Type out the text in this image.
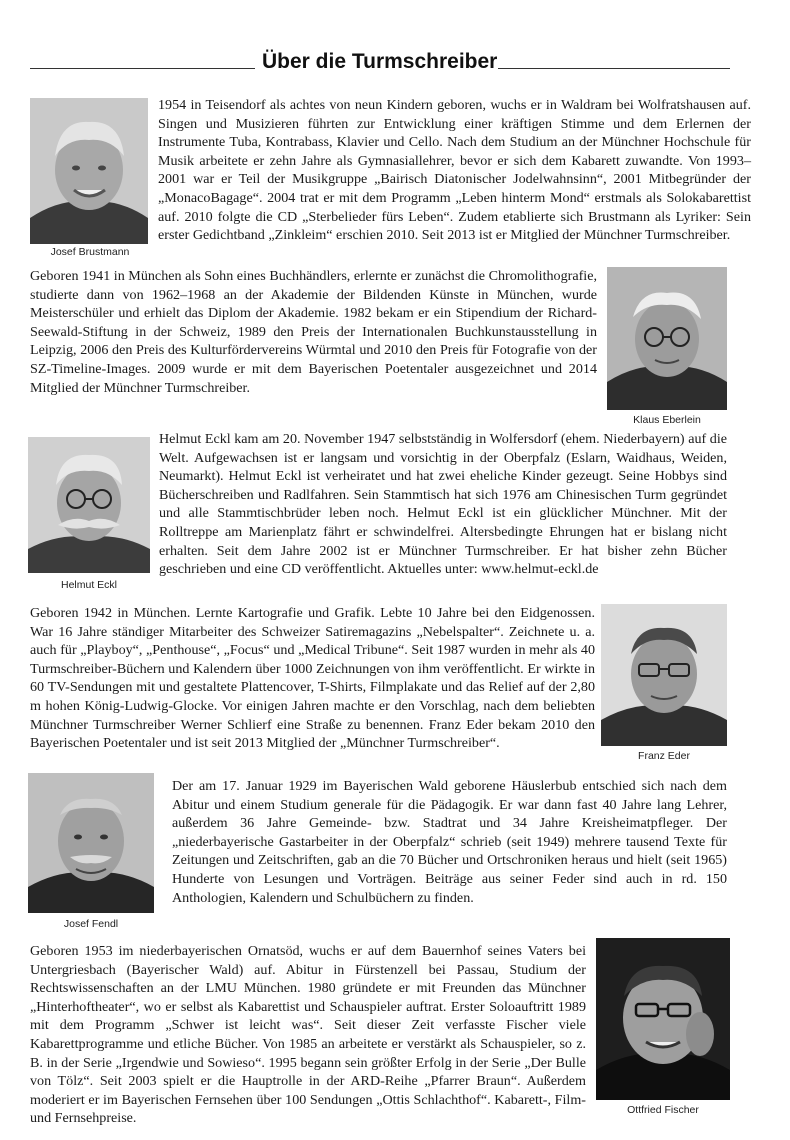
Über die Turmschreiber
Josef Brustmann

1954 in Teisendorf als achtes von neun Kindern geboren, wuchs er in Waldram bei Wolfratshausen auf. Singen und Musizieren führten zur Entwicklung einer kräftigen Stimme und dem Erlernen der Instrumente Tuba, Kontrabass, Klavier und Cello. Nach dem Studium an der Münchner Hochschule für Musik arbeitete er zehn Jahre als Gymnasiallehrer, bevor er sich dem Kabarett zuwandte. Von 1993–2001 war er Teil der Musikgruppe „Bairisch Diatonischer Jodelwahnsinn“, 2001 Mitbegründer der „MonacoBagage“. 2004 trat er mit dem Programm „Leben hinterm Mond“ erstmals als Solokabarettist auf. 2010 folgte die CD „Sterbelieder fürs Leben“. Zudem etablierte sich Brustmann als Lyriker: Sein erster Gedichtband „Zinkleim“ erschien 2010. Seit 2013 ist er Mitglied der Münchner Turmschreiber.

Klaus Eberlein

Geboren 1941 in München als Sohn eines Buchhändlers, erlernte er zunächst die Chromolithografie, studierte dann von 1962–1968 an der Akademie der Bildenden Künste in München, wurde Meisterschüler und erhielt das Diplom der Akademie. 1982 bekam er ein Stipendium der Richard-Seewald-Stiftung in der Schweiz, 1989 den Preis der Internationalen Buchkunstausstellung in Leipzig, 2006 den Preis des Kulturfördervereins Würmtal und 2010 den Preis für Fotografie von der SZ-Timeline-Images. 2009 wurde er mit dem Bayerischen Poetentaler ausgezeichnet und 2014 Mitglied der Münchner Turmschreiber.

Helmut Eckl

Helmut Eckl kam am 20. November 1947 selbstständig in Wolfersdorf (ehem. Niederbayern) auf die Welt. Aufgewachsen ist er langsam und vorsichtig in der Oberpfalz (Eslarn, Waidhaus, Weiden, Neumarkt). Helmut Eckl ist verheiratet und hat zwei eheliche Kinder gezeugt. Seine Hobbys sind Bücherschreiben und Radlfahren. Sein Stammtisch hat sich 1976 am Chinesischen Turm gegründet und alle Stammtischbrüder leben noch. Helmut Eckl ist ein glücklicher Münchner. Mit der Rolltreppe am Marienplatz fährt er schwindelfrei. Altersbedingte Ehrungen hat er bislang nicht erhalten. Seit dem Jahre 2002 ist er Münchner Turmschreiber. Er hat bisher zehn Bücher geschrieben und eine CD veröffentlicht. Aktuelles unter: www.helmut-eckl.de

Franz Eder

Geboren 1942 in München. Lernte Kartografie und Grafik. Lebte 10 Jahre bei den Eidgenossen. War 16 Jahre ständiger Mitarbeiter des Schweizer Satiremagazins „Nebelspalter“. Zeichnete u. a. auch für „Playboy“, „Penthouse“, „Focus“ und „Medical Tribune“. Seit 1987 wurden in mehr als 40 Turmschreiber-Büchern und Kalendern über 1000 Zeichnungen von ihm veröffentlicht. Er wirkte in 60 TV-Sendungen mit und gestaltete Plattencover, T-Shirts, Filmplakate und das Relief auf der 2,80 m hohen König-Ludwig-Glocke. Vor einigen Jahren machte er den Vorschlag, nach dem beliebten Münchner Turmschreiber Werner Schlierf eine Straße zu benennen. Franz Eder bekam 2010 den Bayerischen Poetentaler und ist seit 2013 Mitglied der „Münchner Turmschreiber“.

Josef Fendl

Der am 17. Januar 1929 im Bayerischen Wald geborene Häuslerbub entschied sich nach dem Abitur und einem Studium generale für die Pädagogik. Er war dann fast 40 Jahre lang Lehrer, außerdem 36 Jahre Gemeinde- bzw. Stadtrat und 34 Jahre Kreisheimatpfleger. Der „niederbayerische Gastarbeiter in der Oberpfalz“ schrieb (seit 1949) mehrere tausend Texte für Zeitungen und Zeitschriften, gab an die 70 Bücher und Ortschroniken heraus und hielt (seit 1965) Hunderte von Lesungen und Vorträgen. Beiträge aus seiner Feder sind auch in rd. 150 Anthologien, Kalendern und Schulbüchern zu finden.

Ottfried Fischer

Geboren 1953 im niederbayerischen Ornatsöd, wuchs er auf dem Bauernhof seines Vaters bei Untergriesbach (Bayerischer Wald) auf. Abitur in Fürstenzell bei Passau, Studium der Rechtswissenschaften an der LMU München. 1980 gründete er mit Freunden das Münchner „Hinterhoftheater“, wo er selbst als Kabarettist und Schauspieler auftrat. Erster Soloauftritt 1989 mit dem Programm „Schwer ist leicht was“. Seit dieser Zeit verfasste Fischer viele Kabarettprogramme und etliche Bücher. Von 1985 an arbeitete er verstärkt als Schauspieler, so z. B. in der Serie „Irgendwie und Sowieso“. 1995 begann sein größter Erfolg in der Serie „Der Bulle von Tölz“. Seit 2003 spielt er die Hauptrolle in der ARD-Reihe „Pfarrer Braun“. Außerdem moderiert er im Bayerischen Fernsehen über 100 Sendungen „Ottis Schlachthof“. Kabarett-, Film- und Fernsehpreise.
